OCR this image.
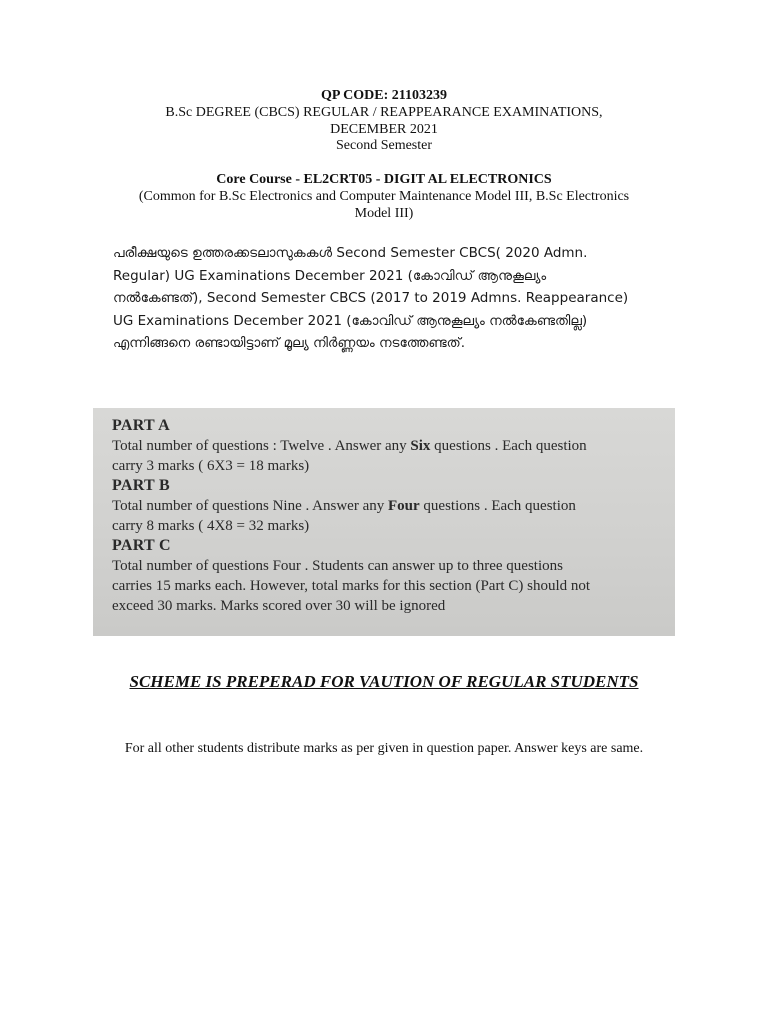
QP CODE: 21103239
B.Sc DEGREE (CBCS) REGULAR / REAPPEARANCE EXAMINATIONS,
DECEMBER 2021
Second Semester
Core Course - EL2CRT05 - DIGIT AL ELECTRONICS
(Common for B.Sc Electronics and Computer Maintenance Model III, B.Sc Electronics
Model III)
പരീക്ഷയുടെ ഉത്തരക്കടലാസുകകൾ Second Semester CBCS( 2020 Admn.
Regular) UG Examinations December 2021 (കോവിഡ് ആനുകൂല്യം
നൽകേണ്ടത്), Second Semester CBCS (2017 to 2019 Admns. Reappearance)
UG Examinations December 2021 (കോവിഡ് ആനുകൂല്യം നൽകേണ്ടതില്ല)
എന്നിങ്ങനെ രണ്ടായിട്ടാണ് മൂല്യ നിർണ്ണയം നടത്തേണ്ടത്.
PART A
Total number of questions : Twelve . Answer any Six questions . Each question
carry 3 marks ( 6X3 = 18 marks)
PART B
Total number of questions Nine . Answer any Four questions . Each question
carry 8 marks ( 4X8 = 32 marks)
PART C
Total number of questions Four . Students can answer up to three questions
carries 15 marks each. However, total marks for this section (Part C) should not
exceed 30 marks. Marks scored over 30 will be ignored
SCHEME IS PREPERAD FOR VAUTION OF REGULAR STUDENTS
For all other students distribute marks as per given in question paper. Answer keys are same.
